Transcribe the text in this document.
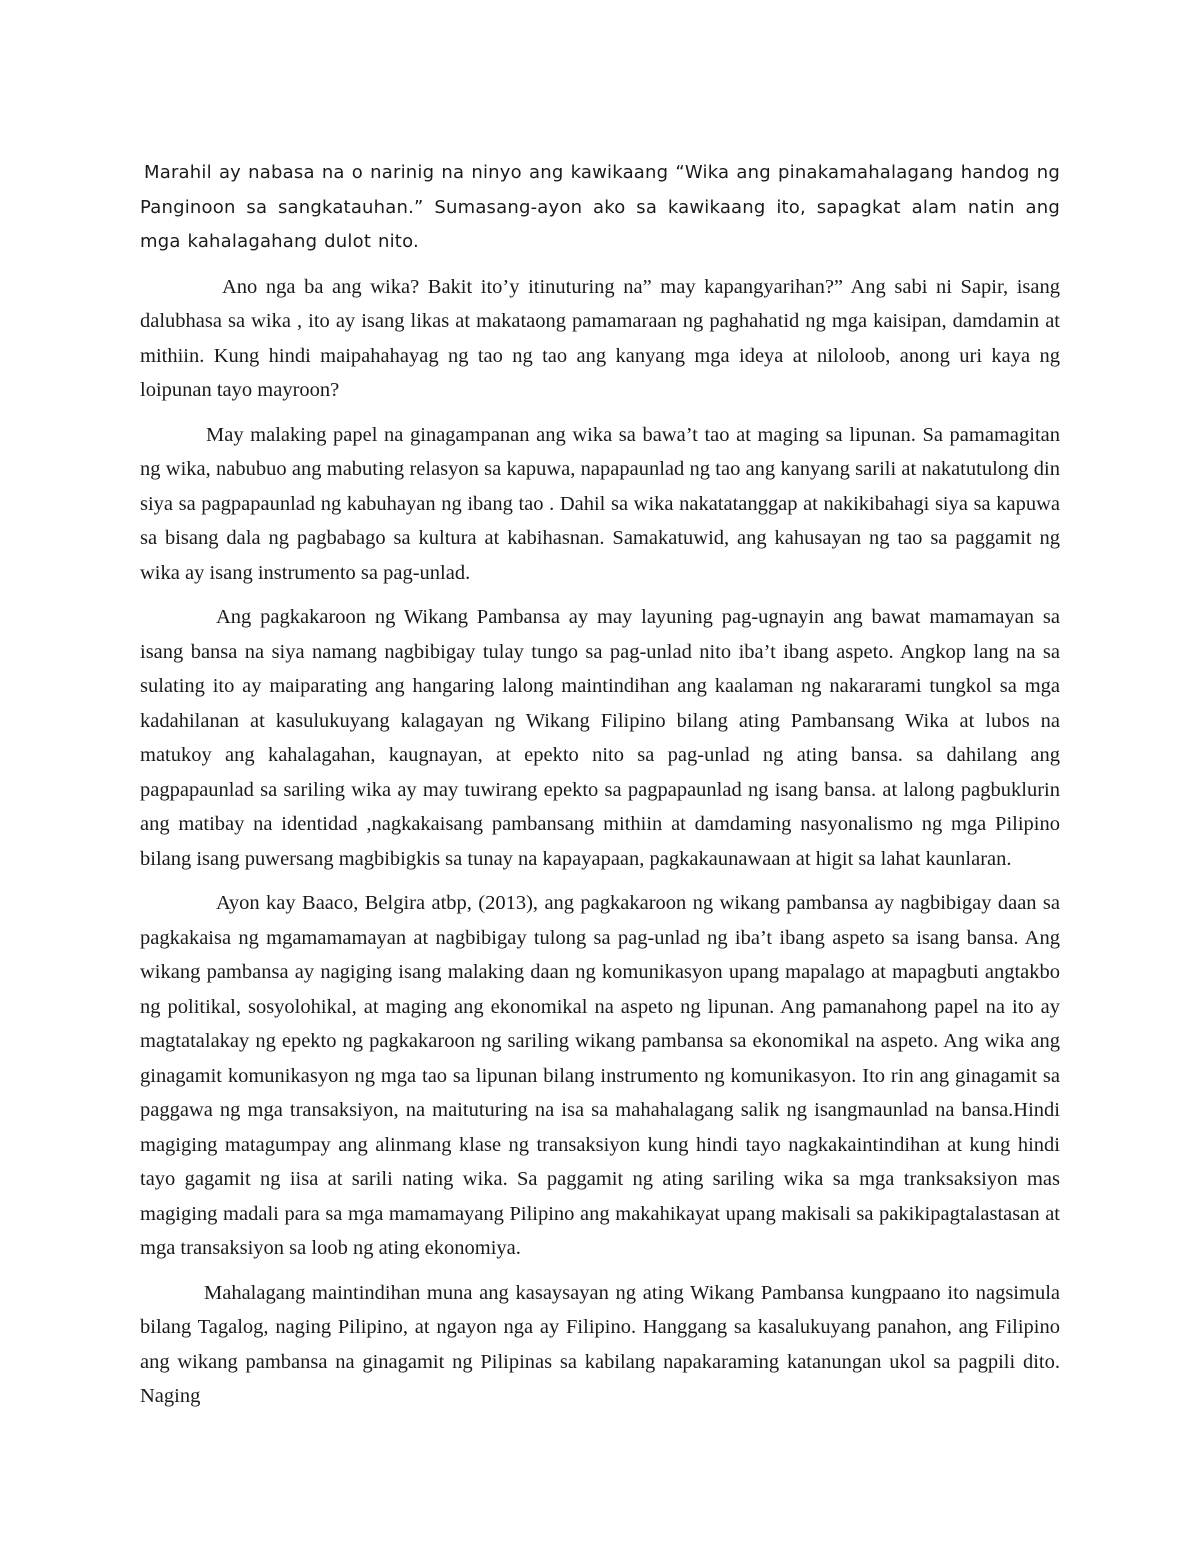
Marahil ay nabasa na o narinig na ninyo ang kawikaang “Wika ang pinakamahalagang handog ng Panginoon sa sangkatauhan.” Sumasang-ayon ako sa kawikaang ito, sapagkat alam natin ang mga kahalagahang dulot nito.

Ano nga ba ang wika? Bakit ito’y itinuturing na” may kapangyarihan?” Ang sabi ni Sapir, isang dalubhasa sa wika , ito ay isang likas at makataong pamamaraan ng paghahatid ng mga kaisipan, damdamin at mithiin. Kung hindi maipahahayag ng tao ng tao ang kanyang mga ideya at niloloob, anong uri kaya ng loipunan tayo mayroon?

May malaking papel na ginagampanan ang wika sa bawa’t tao at maging sa lipunan. Sa pamamagitan ng wika, nabubuo ang mabuting relasyon sa kapuwa, napapaunlad ng tao ang kanyang sarili at nakatutulong din siya sa pagpapaunlad ng kabuhayan ng ibang tao . Dahil sa wika nakatatanggap at nakikibahagi siya sa kapuwa sa bisang dala ng pagbabago sa kultura at kabihasnan. Samakatuwid, ang kahusayan ng tao sa paggamit ng wika ay isang instrumento sa pag-unlad.

Ang pagkakaroon ng Wikang Pambansa ay may layuning pag-ugnayin ang bawat mamamayan sa isang bansa na siya namang nagbibigay tulay tungo sa pag-unlad nito iba’t ibang aspeto. Angkop lang na sa sulating ito ay maiparating ang hangaring lalong maintindihan ang kaalaman ng nakararami tungkol sa mga kadahilanan at kasulukuyang kalagayan ng Wikang Filipino bilang ating Pambansang Wika at lubos na matukoy ang kahalagahan, kaugnayan, at epekto nito sa pag-unlad ng ating bansa. sa dahilang ang pagpapaunlad sa sariling wika ay may tuwirang epekto sa pagpapaunlad ng isang bansa. at lalong pagbuklurin ang matibay na identidad ,nagkakaisang pambansang mithiin at damdaming nasyonalismo ng mga Pilipino bilang isang puwersang magbibigkis sa tunay na kapayapaan, pagkakaunawaan at higit sa lahat kaunlaran.

Ayon kay Baaco, Belgira atbp, (2013), ang pagkakaroon ng wikang pambansa ay nagbibigay daan sa pagkakaisa ng mgamamamayan at nagbibigay tulong sa pag-unlad ng iba’t ibang aspeto sa isang bansa. Ang wikang pambansa ay nagiging isang malaking daan ng komunikasyon upang mapalago at mapagbuti angtakbo ng politikal, sosyolohikal, at maging ang ekonomikal na aspeto ng lipunan. Ang pamanahong papel na ito ay magtatalakay ng epekto ng pagkakaroon ng sariling wikang pambansa sa ekonomikal na aspeto. Ang wika ang ginagamit komunikasyon ng mga tao sa lipunan bilang instrumento ng komunikasyon. Ito rin ang ginagamit sa paggawa ng mga transaksiyon, na maituturing na isa sa mahahalagang salik ng isangmaunlad na bansa.Hindi magiging matagumpay ang alinmang klase ng transaksiyon kung hindi tayo nagkakaintindihan at kung hindi tayo gagamit ng iisa at sarili nating wika. Sa paggamit ng ating sariling wika sa mga tranksaksiyon mas magiging madali para sa mga mamamayang Pilipino ang makahikayat upang makisali sa pakikipagtalastasan at mga transaksiyon sa loob ng ating ekonomiya.

Mahalagang maintindihan muna ang kasaysayan ng ating Wikang Pambansa kungpaano ito nagsimula bilang Tagalog, naging Pilipino, at ngayon nga ay Filipino. Hanggang sa kasalukuyang panahon, ang Filipino ang wikang pambansa na ginagamit ng Pilipinas sa kabilang napakaraming katanungan ukol sa pagpili dito. Naging
